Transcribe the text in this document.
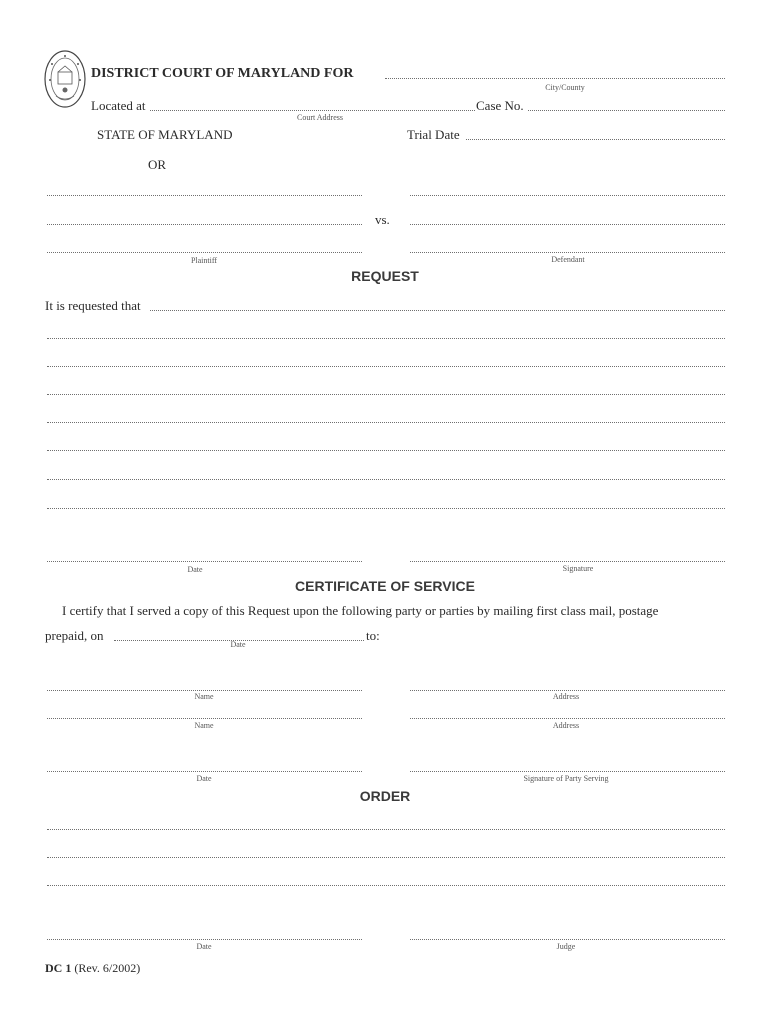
DISTRICT COURT OF MARYLAND FOR
City/County
Located at
Court Address
Case No.
STATE OF MARYLAND	Trial Date
OR
vs.
Plaintiff	Defendant
REQUEST
It is requested that
Date	Signature
CERTIFICATE OF SERVICE
I certify that I served a copy of this Request upon the following party or parties by mailing first class mail, postage
prepaid, on	to:
Date
Name	Address
Name	Address
Date	Signature of Party Serving
ORDER
Date	Judge
DC 1 (Rev. 6/2002)
